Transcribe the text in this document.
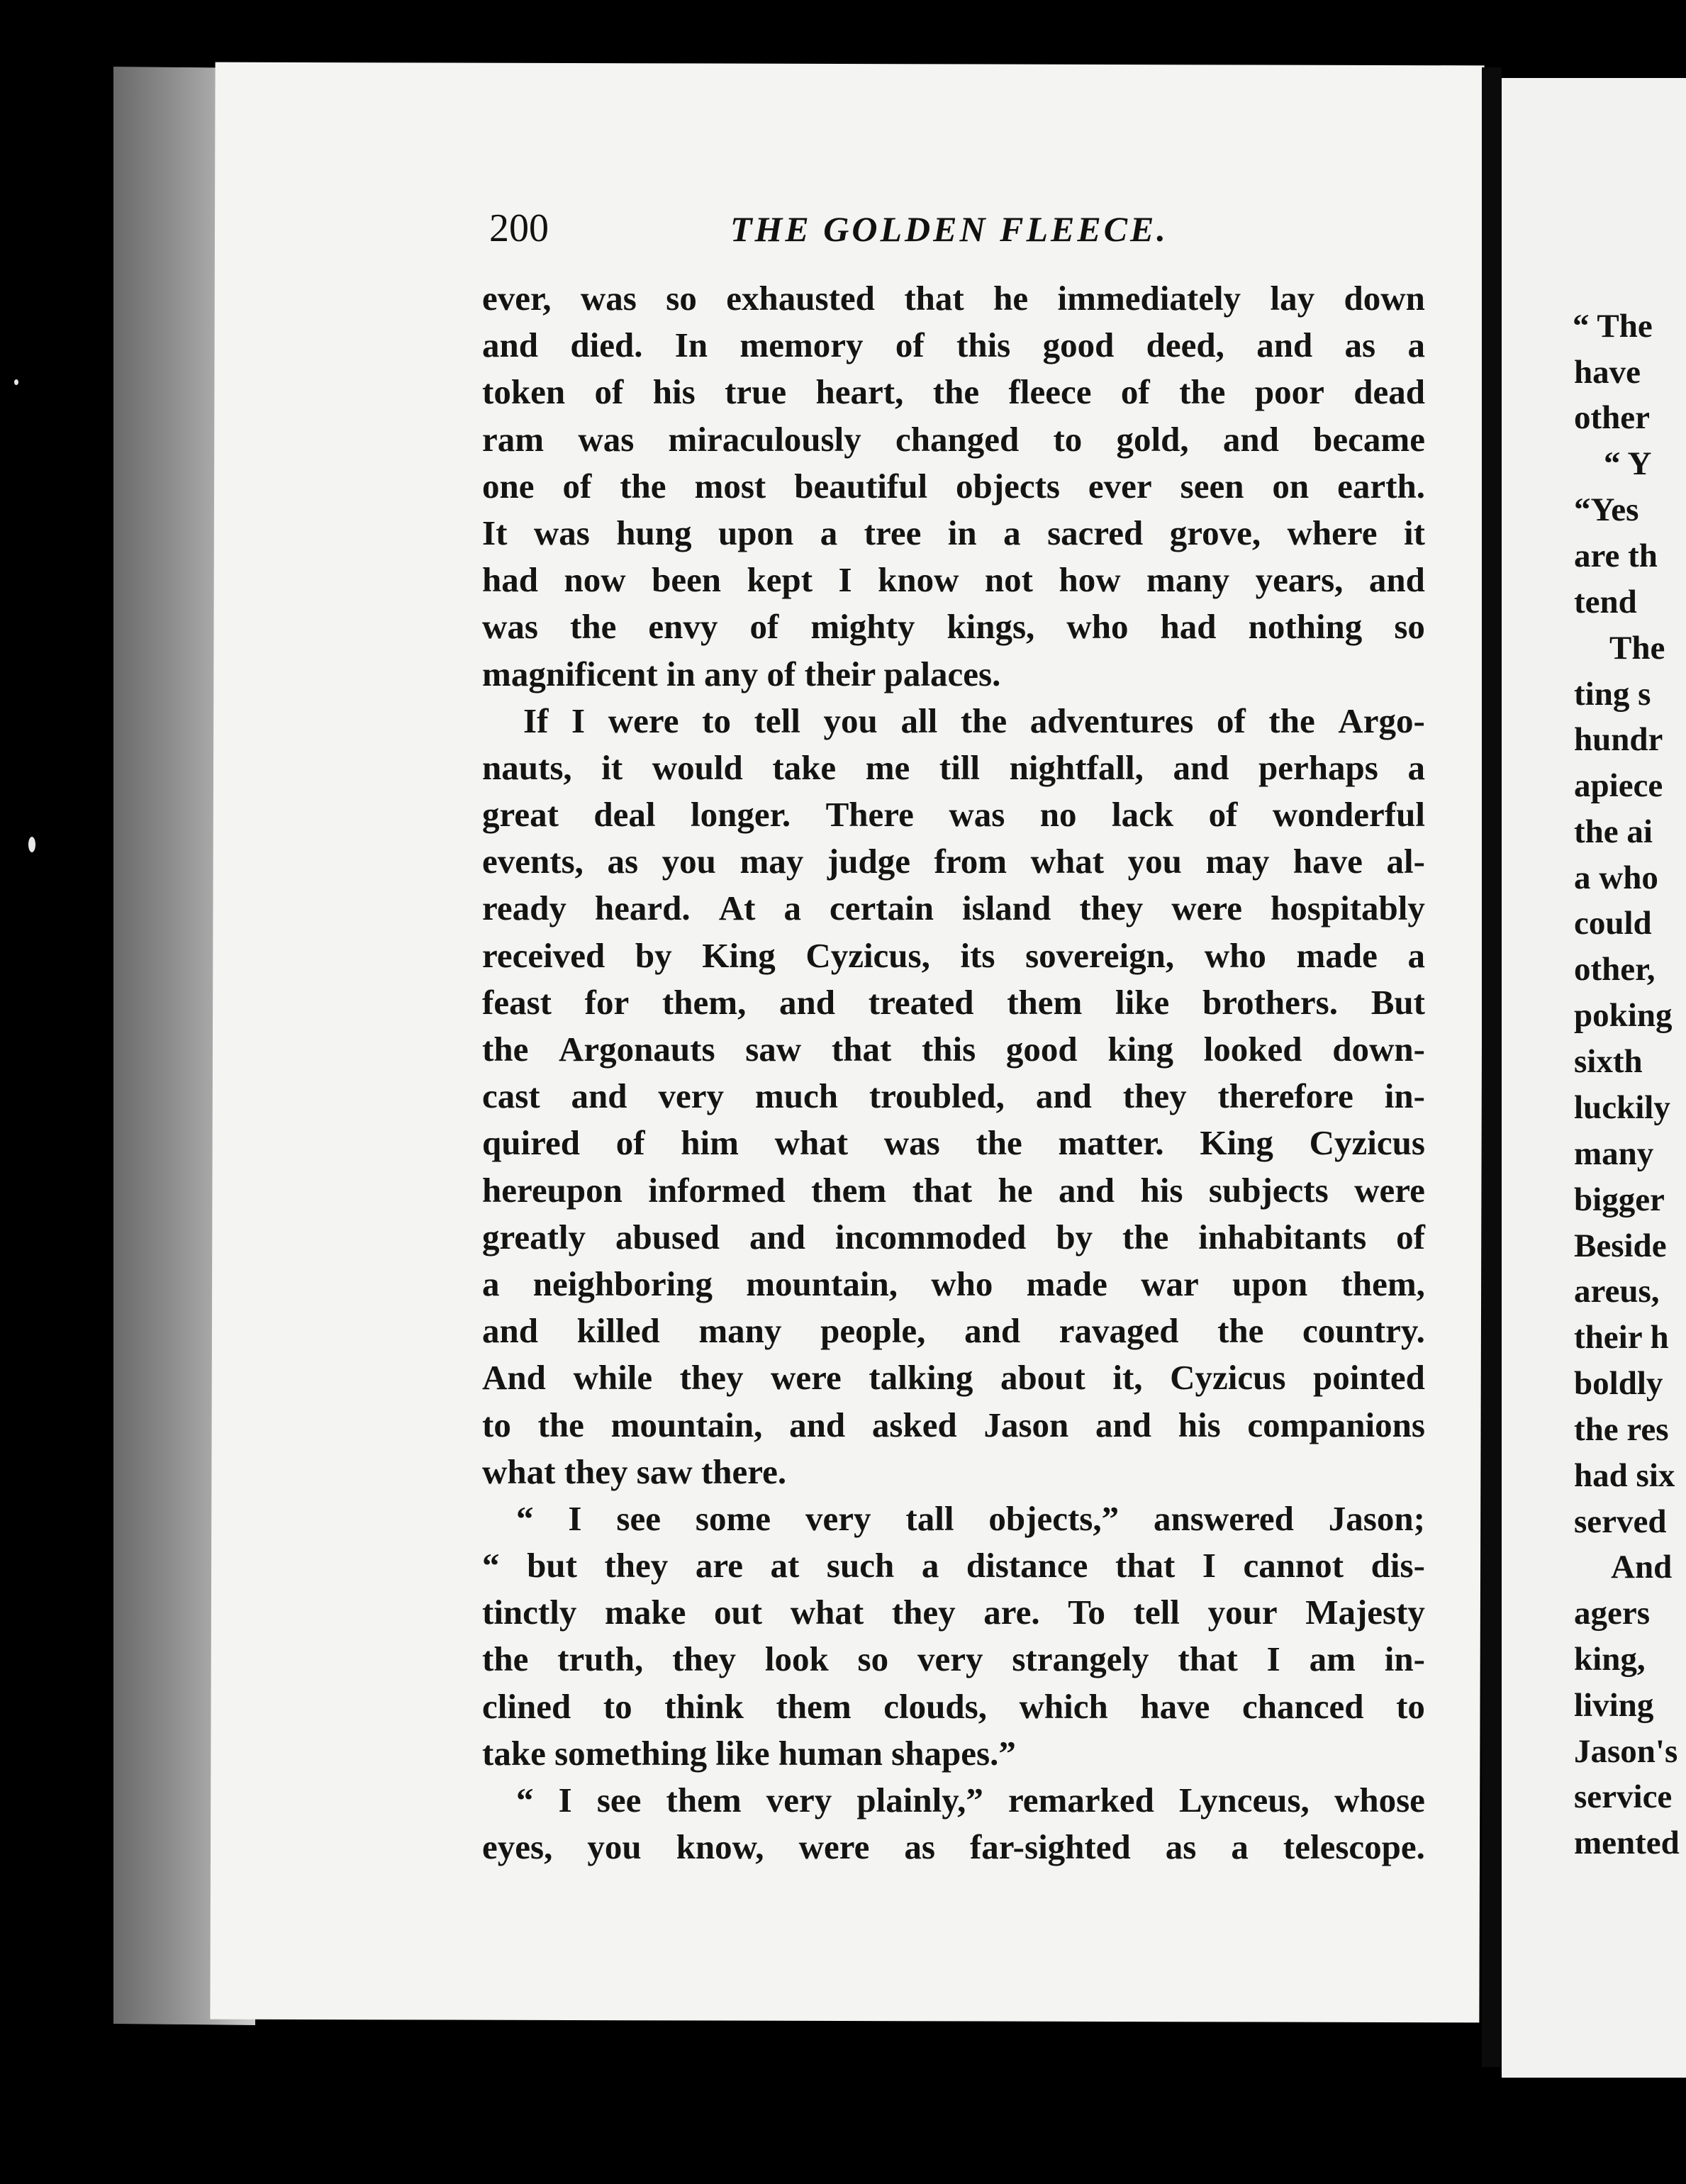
200	THE GOLDEN FLEECE.
ever, was so exhausted that he immediately lay down
and died. In memory of this good deed, and as a
token of his true heart, the fleece of the poor dead
ram was miraculously changed to gold, and became
one of the most beautiful objects ever seen on earth.
It was hung upon a tree in a sacred grove, where it
had now been kept I know not how many years, and
was the envy of mighty kings, who had nothing so
magnificent in any of their palaces.
If I were to tell you all the adventures of the Argo-
nauts, it would take me till nightfall, and perhaps a
great deal longer. There was no lack of wonderful
events, as you may judge from what you may have al-
ready heard. At a certain island they were hospitably
received by King Cyzicus, its sovereign, who made a
feast for them, and treated them like brothers. But
the Argonauts saw that this good king looked down-
cast and very much troubled, and they therefore in-
quired of him what was the matter. King Cyzicus
hereupon informed them that he and his subjects were
greatly abused and incommoded by the inhabitants of
a neighboring mountain, who made war upon them,
and killed many people, and ravaged the country.
And while they were talking about it, Cyzicus pointed
to the mountain, and asked Jason and his companions
what they saw there.
“ I see some very tall objects,” answered Jason;
“ but they are at such a distance that I cannot dis-
tinctly make out what they are. To tell your Majesty
the truth, they look so very strangely that I am in-
clined to think them clouds, which have chanced to
take something like human shapes.”
“ I see them very plainly,” remarked Lynceus, whose
eyes, you know, were as far-sighted as a telescope.
“ The
have
other
“ Y
“Yes
are th
tend
The
ting s
hundr
apiece
the ai
a who
could
other,
poking
sixth
luckily
many
bigger
Beside
areus,
their h
boldly
the res
had six
served
And
agers
king,
living
Jason's
service
mented
